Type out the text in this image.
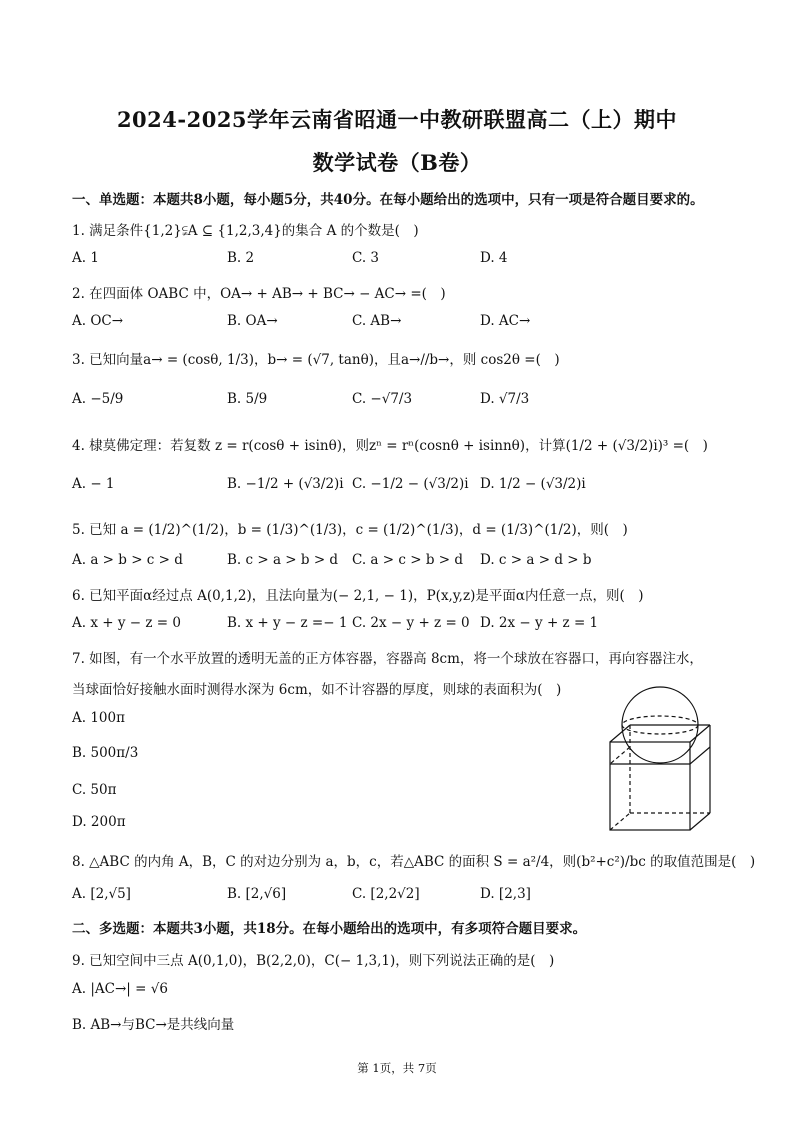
2024-2025学年云南省昭通一中教研联盟高二（上）期中
数学试卷（B卷）
一、单选题：本题共8小题，每小题5分，共40分。在每小题给出的选项中，只有一项是符合题目要求的。
1. 满足条件{1,2}⫋A ⊆ {1,2,3,4}的集合 A 的个数是(　)
A. 1	B. 2	C. 3	D. 4
2. 在四面体 OABC 中，OA→ + AB→ + BC→ − AC→ =(　)
A. OC→	B. OA→	C. AB→	D. AC→
3. 已知向量a→ = (cosθ, 1/3)，b→ = (√7, tanθ)，且a→//b→，则 cos2θ =(　)
A. −5/9	B. 5/9	C. −√7/3	D. √7/3
4. 棣莫佛定理：若复数 z = r(cosθ + isinθ)，则zⁿ = rⁿ(cosnθ + isinnθ)，计算(1/2 + (√3/2)i)³ =(　)
A. − 1	B. −1/2 + (√3/2)i C. −1/2 − (√3/2)i D. 1/2 − (√3/2)i
5. 已知 a = (1/2)^(1/2)，b = (1/3)^(1/3)，c = (1/2)^(1/3)，d = (1/3)^(1/2)，则(　)
A. a > b > c > d	B. c > a > b > d C. a > c > b > d D. c > a > d > b
6. 已知平面α经过点 A(0,1,2)，且法向量为(− 2,1, − 1)，P(x,y,z)是平面α内任意一点，则(　)
A. x + y − z = 0	B. x + y − z =− 1 C. 2x − y + z = 0 D. 2x − y + z = 1
7. 如图，有一个水平放置的透明无盖的正方体容器，容器高 8cm，将一个球放在容器口，再向容器注水，
当球面恰好接触水面时测得水深为 6cm，如不计容器的厚度，则球的表面积为(　)
A. 100π
B. 500π/3
C. 50π
D. 200π
8. △ABC 的内角 A，B，C 的对边分别为 a，b，c，若△ABC 的面积 S = a²/4，则(b²+c²)/bc 的取值范围是(　)
A. [2,√5]	B. [2,√6]	C. [2,2√2]	D. [2,3]
二、多选题：本题共3小题，共18分。在每小题给出的选项中，有多项符合题目要求。
9. 已知空间中三点 A(0,1,0)，B(2,2,0)，C(− 1,3,1)，则下列说法正确的是(　)
A. |AC→| = √6
B. AB→与BC→是共线向量
第 1页，共 7页
